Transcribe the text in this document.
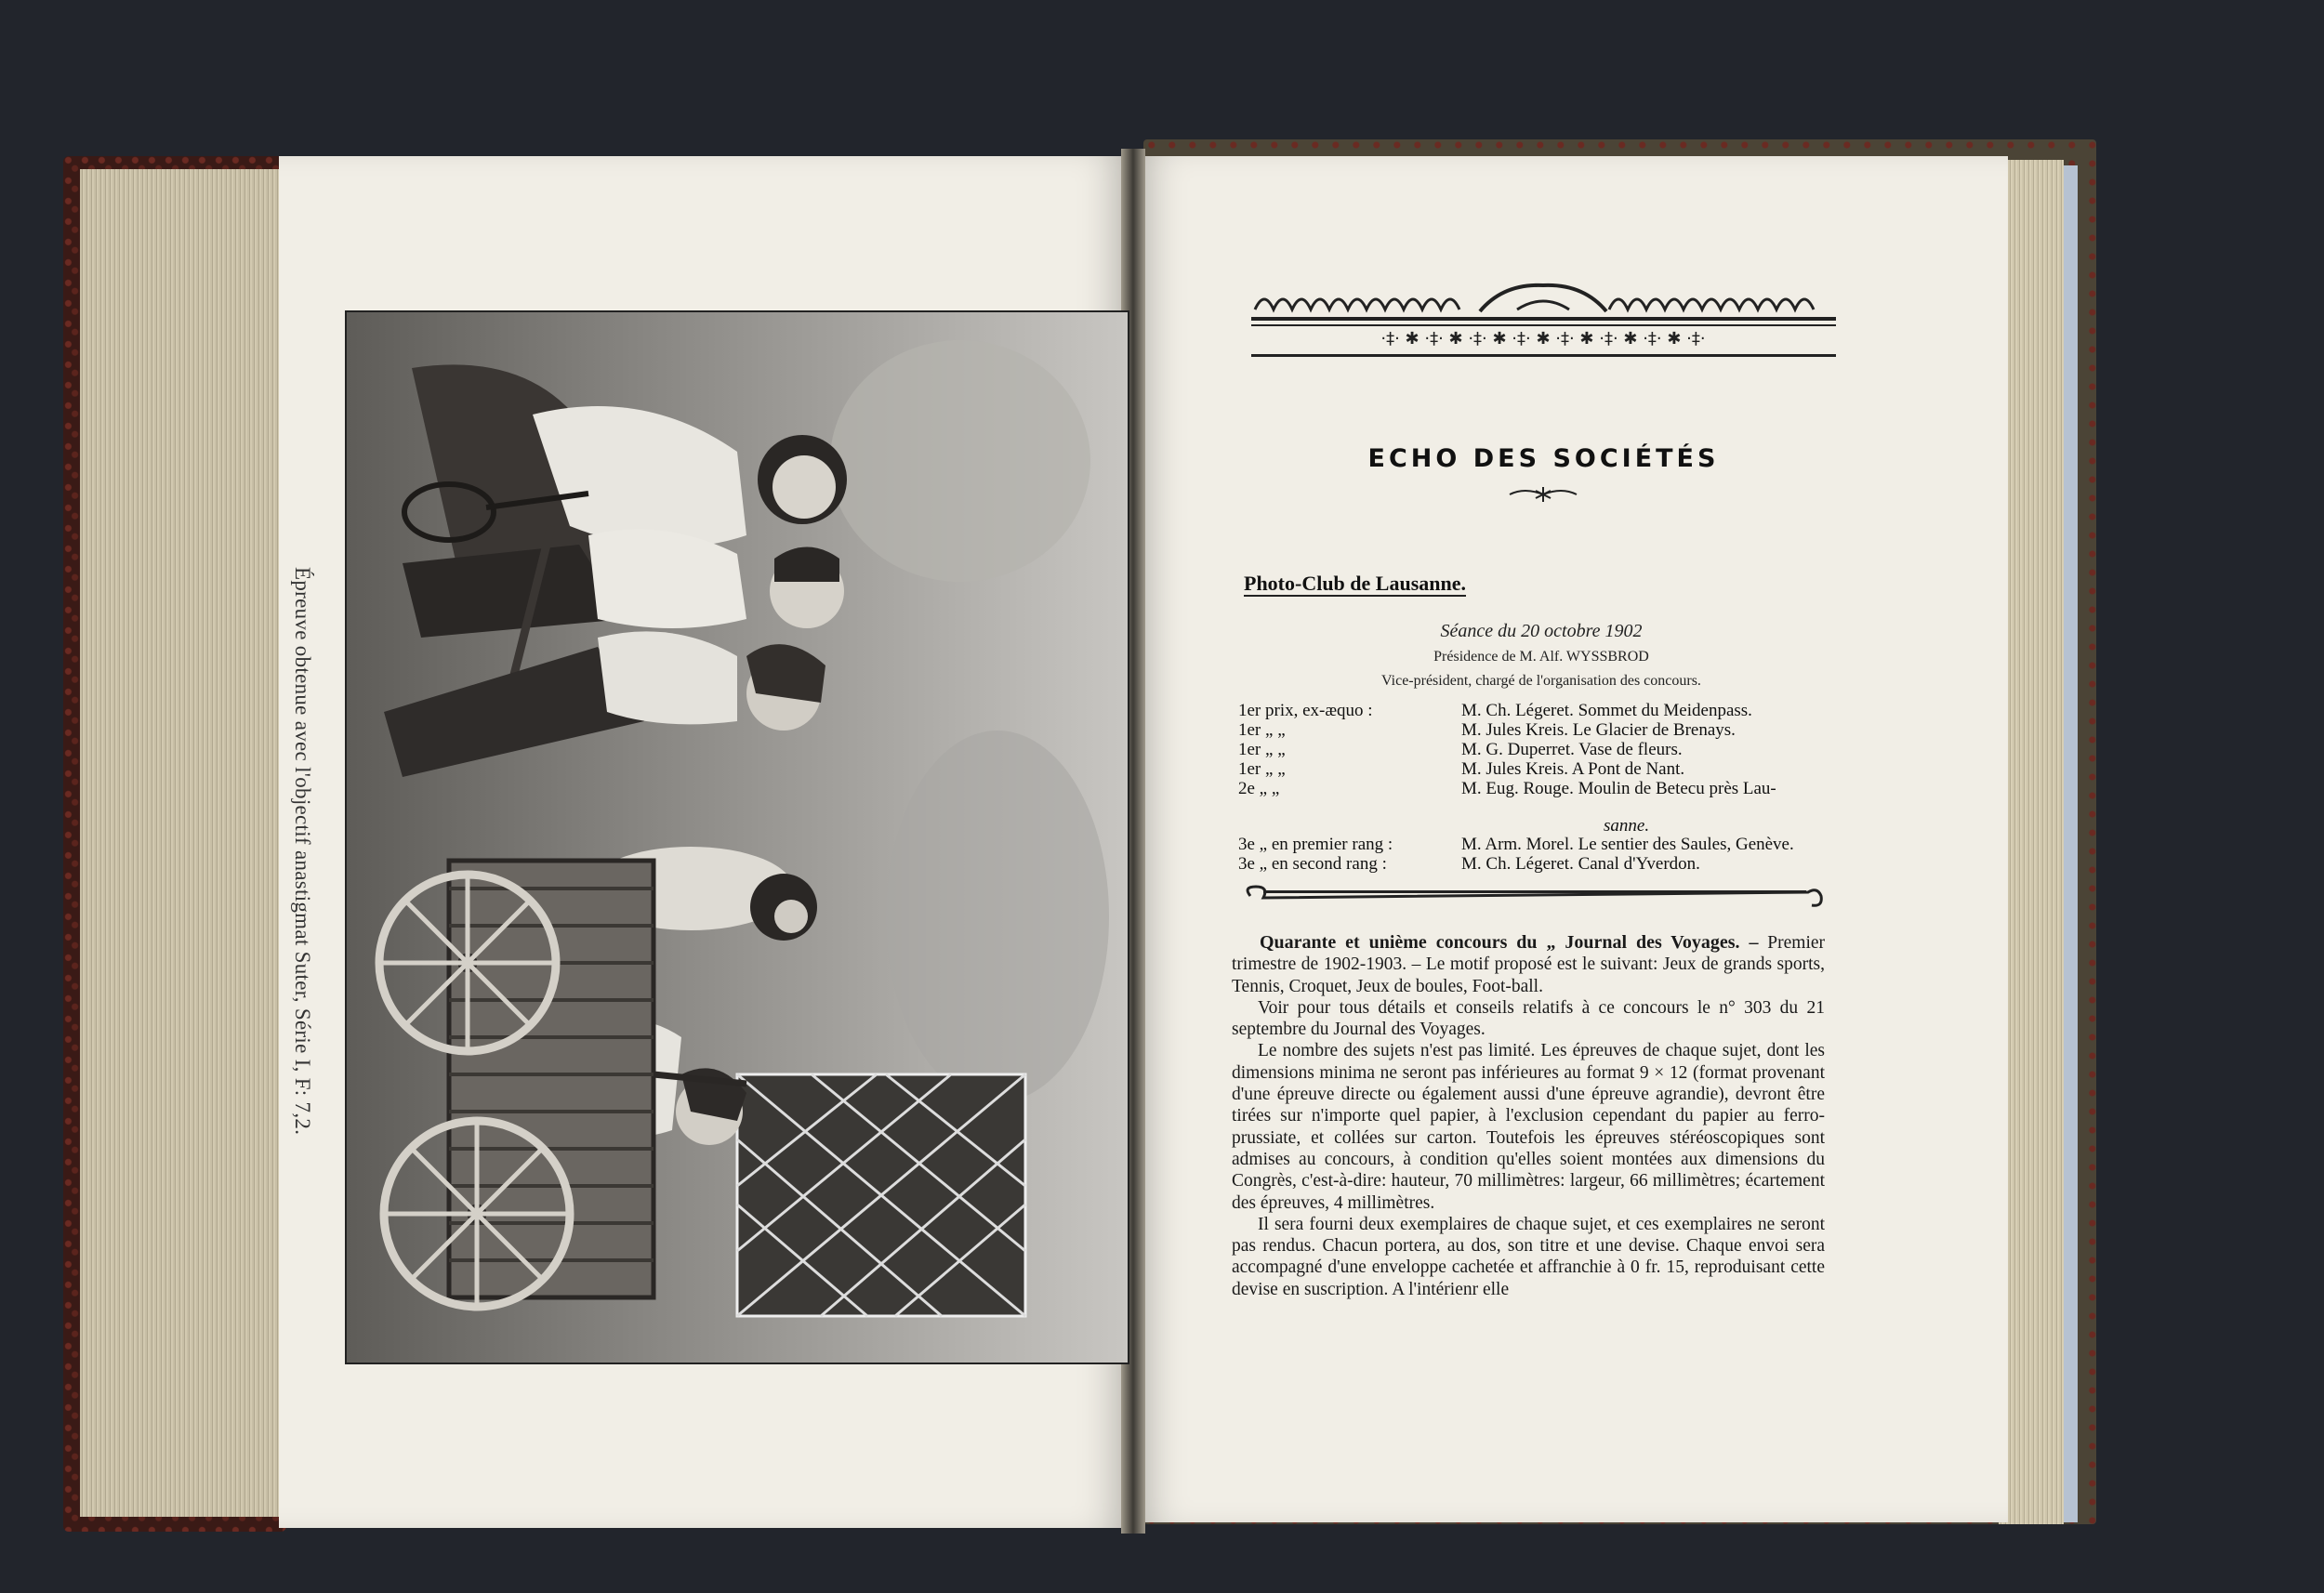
Épreuve obtenue avec l'objectif anastigmat Suter, Série I, F: 7,2.
·‡· ✱ ·‡· ✱ ·‡· ✱ ·‡· ✱ ·‡· ✱ ·‡· ✱ ·‡· ✱ ·‡·
ECHO DES SOCIÉTÉS
Photo-Club de Lausanne.
Séance du 20 octobre 1902
Présidence de M. Alf. WYSSBROD
Vice-président, chargé de l'organisation des concours.
1er prix, ex-æquo :	M. Ch. Légeret. Sommet du Meidenpass.
1er „ „	M. Jules Kreis. Le Glacier de Brenays.
1er „ „	M. G. Duperret. Vase de fleurs.
1er „ „	M. Jules Kreis. A Pont de Nant.
2e „ „	M. Eug. Rouge. Moulin de Betecu près Lau-
sanne.
3e „ en premier rang :	M. Arm. Morel. Le sentier des Saules, Genève.
3e „ en second rang :	M. Ch. Légeret. Canal d'Yverdon.

Quarante et unième concours du „ Journal des Voyages. – Premier trimestre de 1902-1903. – Le motif proposé est le suivant: Jeux de grands sports, Tennis, Croquet, Jeux de boules, Foot-ball.

Voir pour tous détails et conseils relatifs à ce concours le n° 303 du 21 septembre du Journal des Voyages.

Le nombre des sujets n'est pas limité. Les épreuves de chaque sujet, dont les dimensions minima ne seront pas inférieures au format 9 × 12 (format provenant d'une épreuve directe ou également aussi d'une épreuve agrandie), devront être tirées sur n'importe quel papier, à l'exclusion cependant du papier au ferro-prussiate, et collées sur carton. Toutefois les épreuves stéréoscopiques sont admises au concours, à condition qu'elles soient montées aux dimensions du Congrès, c'est-à-dire: hauteur, 70 millimètres: largeur, 66 millimètres; écartement des épreuves, 4 millimètres.

Il sera fourni deux exemplaires de chaque sujet, et ces exemplaires ne seront pas rendus. Chacun portera, au dos, son titre et une devise. Chaque envoi sera accompagné d'une enveloppe cachetée et affranchie à 0 fr. 15, reproduisant cette devise en suscription. A l'intérienr elle
